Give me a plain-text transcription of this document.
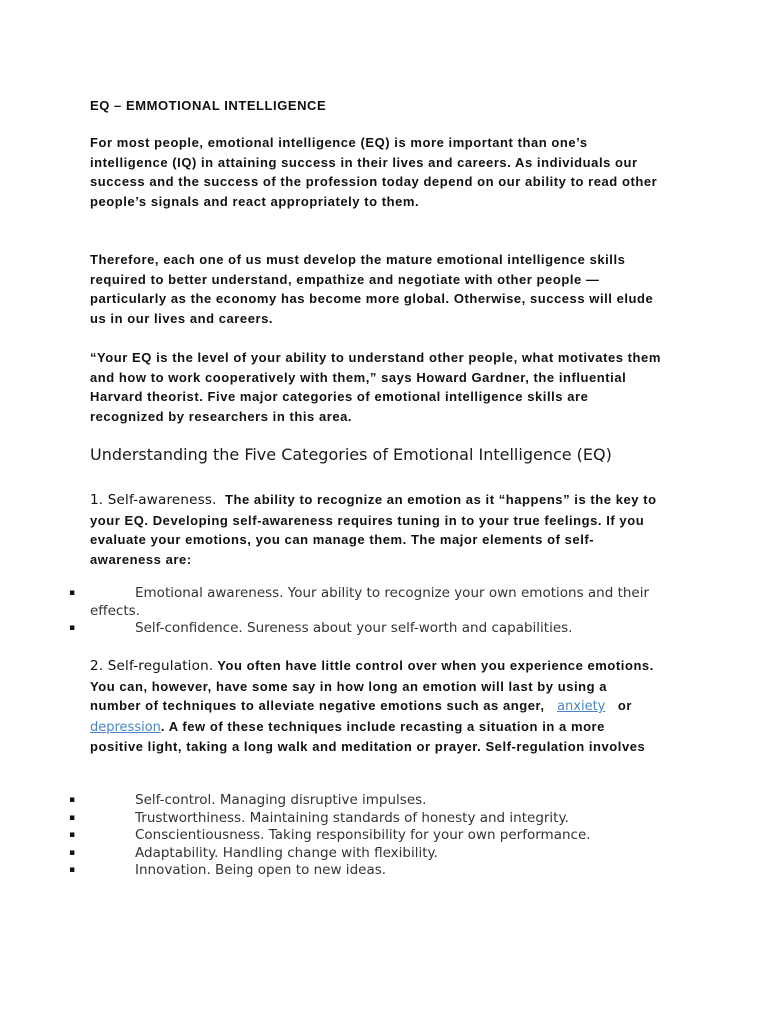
EQ – EMMOTIONAL INTELLIGENCE
For most people, emotional intelligence (EQ) is more important than one’s intelligence (IQ) in attaining success in their lives and careers. As individuals our success and the success of the profession today depend on our ability to read other people’s signals and react appropriately to them.
Therefore, each one of us must develop the mature emotional intelligence skills required to better understand, empathize and negotiate with other people — particularly as the economy has become more global. Otherwise, success will elude us in our lives and careers.
“Your EQ is the level of your ability to understand other people, what motivates them and how to work cooperatively with them,” says Howard Gardner, the influential Harvard theorist. Five major categories of emotional intelligence skills are recognized by researchers in this area.
Understanding the Five Categories of Emotional Intelligence (EQ)
1. Self-awareness. The ability to recognize an emotion as it “happens” is the key to your EQ. Developing self-awareness requires tuning in to your true feelings. If you evaluate your emotions, you can manage them. The major elements of self-awareness are:
▪	Emotional awareness. Your ability to recognize your own emotions and their effects.
▪	Self-confidence. Sureness about your self-worth and capabilities.
2. Self-regulation. You often have little control over when you experience emotions. You can, however, have some say in how long an emotion will last by using a number of techniques to alleviate negative emotions such as anger, anxiety or   depression. A few of these techniques include recasting a situation in a more positive light, taking a long walk and meditation or prayer. Self-regulation involves
▪	Self-control. Managing disruptive impulses.
▪	Trustworthiness. Maintaining standards of honesty and integrity.
▪	Conscientiousness. Taking responsibility for your own performance.
▪	Adaptability. Handling change with flexibility.
▪	Innovation. Being open to new ideas.
